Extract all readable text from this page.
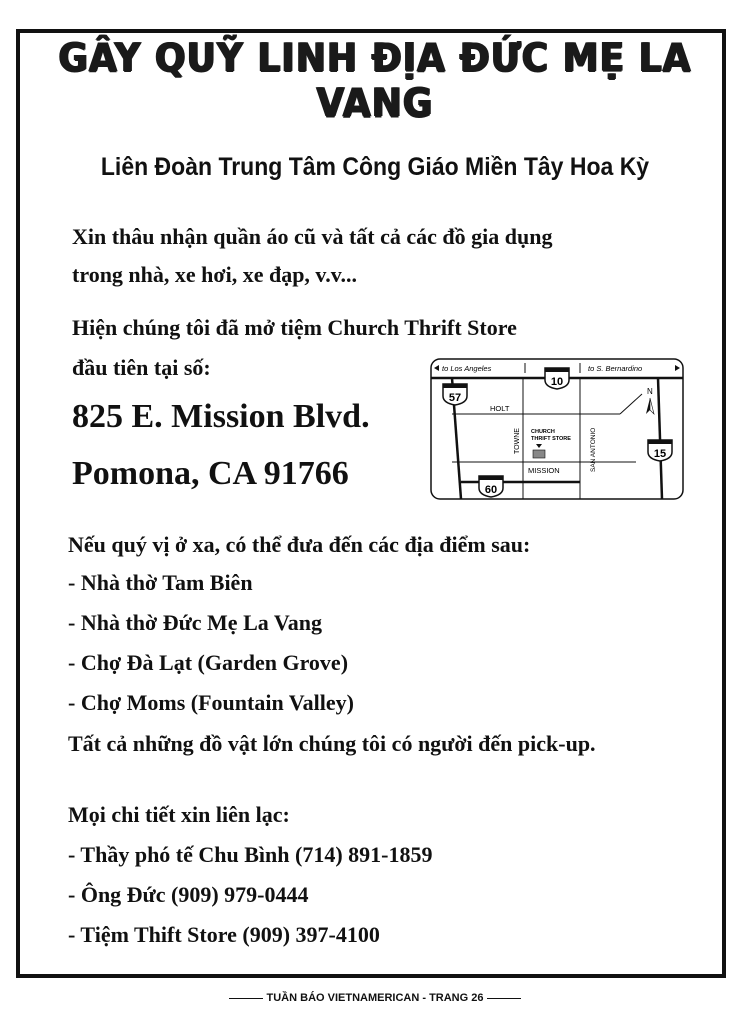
GÂY QUỸ LINH ĐỊA ĐỨC MẸ LA VANG
Liên Đoàn Trung Tâm Công Giáo Miền Tây Hoa Kỳ
Xin thâu nhận quần áo cũ và tất cả các đồ gia dụng
trong nhà, xe hơi, xe đạp, v.v...
Hiện chúng tôi đã mở tiệm Church Thrift Store
đầu tiên tại số:
825 E. Mission Blvd.
Pomona, CA 91766
to Los Angeles	to S. Bernardino
10
57
15
60
HOLT
MISSION
TOWNE	SAN ANTONIO
CHURCH
THRIFT STORE
N
Nếu quý vị ở xa, có thể đưa đến các địa điểm sau:
- Nhà thờ Tam Biên
- Nhà thờ Đức Mẹ La Vang
- Chợ Đà Lạt (Garden Grove)
- Chợ Moms (Fountain Valley)
Tất cả những đồ vật lớn chúng tôi có người đến pick-up.
Mọi chi tiết xin liên lạc:
- Thầy phó tế Chu Bình (714) 891-1859
- Ông Đức (909) 979-0444
- Tiệm Thift Store (909) 397-4100
TUẦN BÁO VIETNAMERICAN - TRANG 26
